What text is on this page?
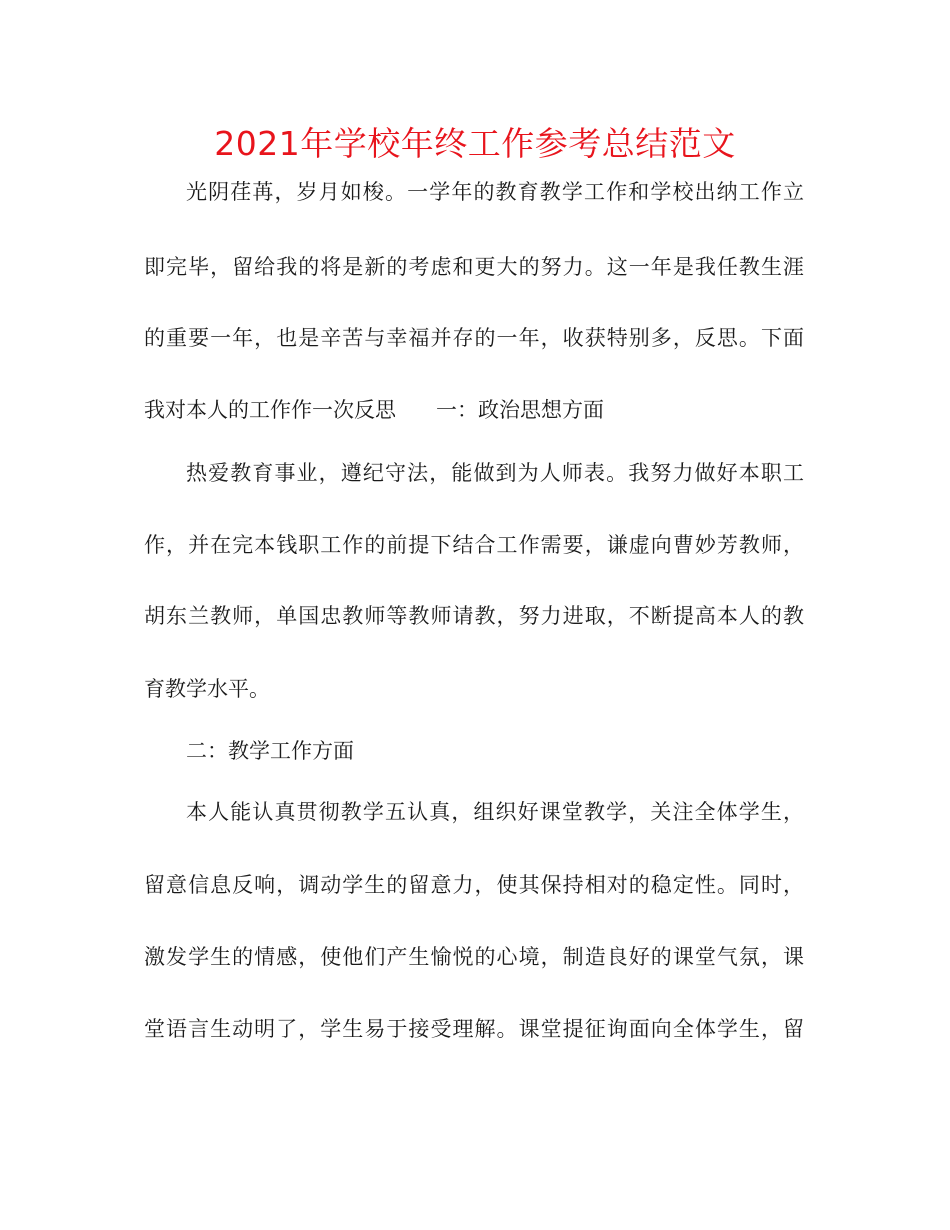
2021年学校年终工作参考总结范文
光阴荏苒，岁月如梭。一学年的教育教学工作和学校出纳工作立
即完毕，留给我的将是新的考虑和更大的努力。这一年是我任教生涯
的重要一年，也是辛苦与幸福并存的一年，收获特别多，反思。下面
我对本人的工作作一次反思 一：政治思想方面
热爱教育事业，遵纪守法，能做到为人师表。我努力做好本职工
作，并在完本钱职工作的前提下结合工作需要，谦虚向曹妙芳教师，
胡东兰教师，单国忠教师等教师请教，努力进取，不断提高本人的教
育教学水平。
二：教学工作方面
本人能认真贯彻教学五认真，组织好课堂教学，关注全体学生，
留意信息反响，调动学生的留意力，使其保持相对的稳定性。同时，
激发学生的情感，使他们产生愉悦的心境，制造良好的课堂气氛，课
堂语言生动明了，学生易于接受理解。课堂提征询面向全体学生，留
